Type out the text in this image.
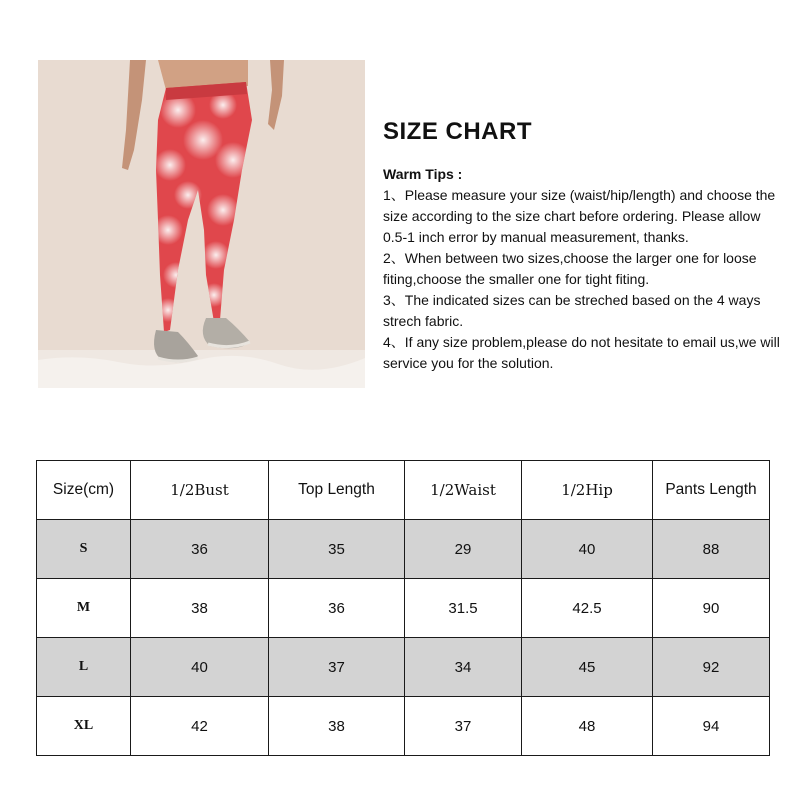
SIZE CHART
Warm Tips :
1、Please measure your size (waist/hip/length) and choose the size according to the size chart before ordering. Please allow 0.5-1 inch error by manual measurement, thanks.
2、When between two sizes,choose the larger one for loose fiting,choose the smaller one for tight fiting.
3、The indicated sizes can be streched based on the 4 ways strech fabric.
4、If any size problem,please do not hesitate to email us,we will service you for the solution.
Size(cm)	1/2Bust	Top Length	1/2Waist	1/2Hip	Pants Length
S	36	35	29	40	88
M	38	36	31.5	42.5	90
L	40	37	34	45	92
XL	42	38	37	48	94
